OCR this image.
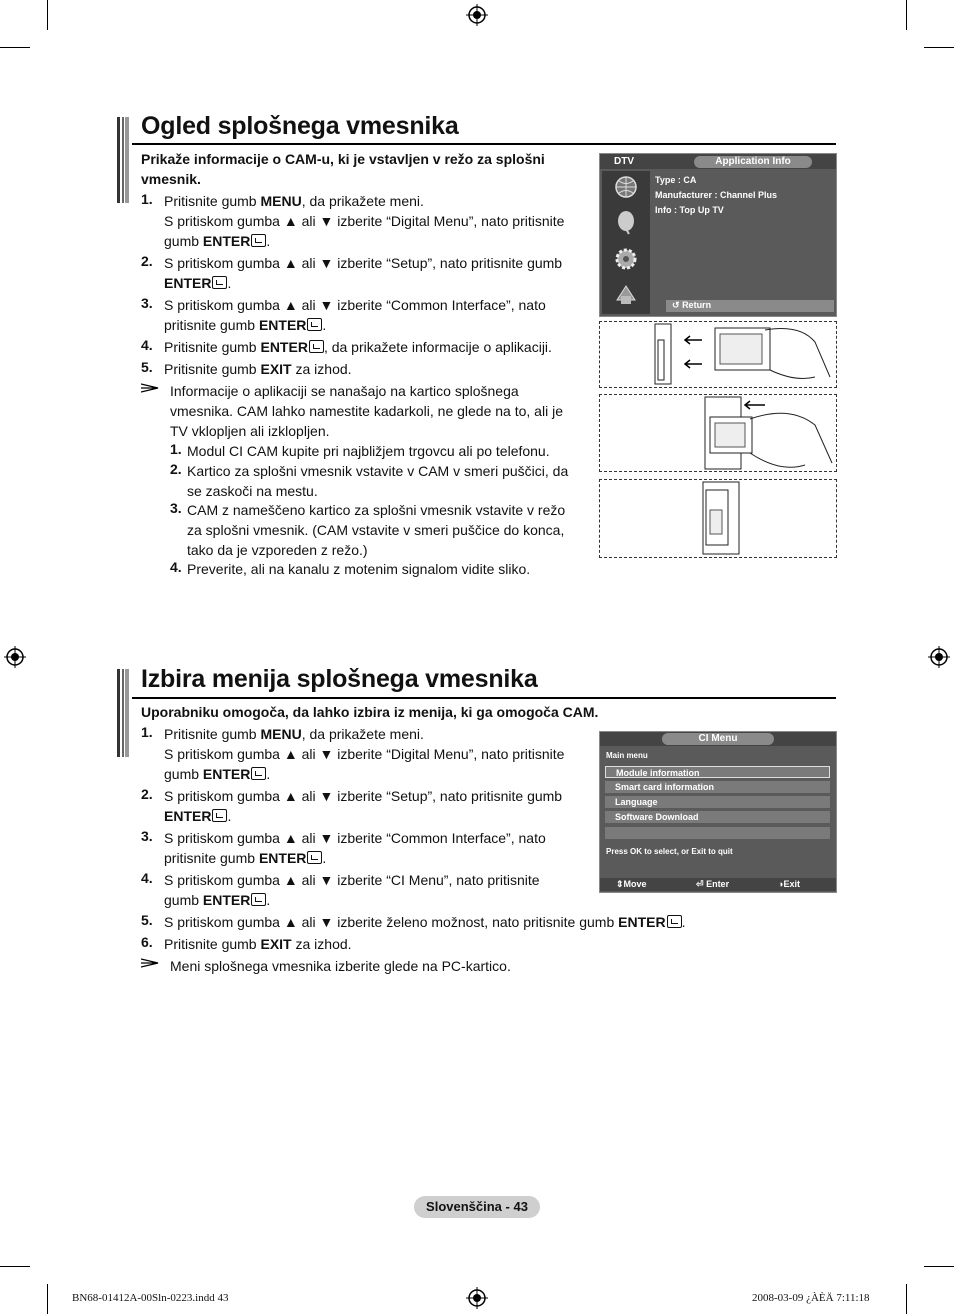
Ogled splošnega vmesnika
Prikaže informacije o CAM-u, ki je vstavljen v režo za splošni
vmesnik.
1. Pritisnite gumb MENU, da prikažete meni.
S pritiskom gumba ▲ ali ▼ izberite “Digital Menu”, nato pritisnite
gumb ENTER .
2. S pritiskom gumba ▲ ali ▼ izberite “Setup”, nato pritisnite gumb
ENTER .
3. S pritiskom gumba ▲ ali ▼ izberite “Common Interface”, nato
pritisnite gumb ENTER .
4. Pritisnite gumb ENTER , da prikažete informacije o aplikaciji.
5. Pritisnite gumb EXIT za izhod.
Informacije o aplikaciji se nanašajo na kartico splošnega
vmesnika. CAM lahko namestite kadarkoli, ne glede na to, ali je
TV vklopljen ali izklopljen.
1. Modul CI CAM kupite pri najbližjem trgovcu ali po telefonu.
2. Kartico za splošni vmesnik vstavite v CAM v smeri puščici, da
se zaskoči na mestu.
3. CAM z nameščeno kartico za splošni vmesnik vstavite v režo
za splošni vmesnik. (CAM vstavite v smeri puščice do konca,
tako da je vzporeden z režo.)
4. Preverite, ali na kanalu z motenim signalom vidite sliko.
DTV	Application Info
Type : CA
Manufacturer : Channel Plus
Info : Top Up TV
↺ Return
Izbira menija splošnega vmesnika
Uporabniku omogoča, da lahko izbira iz menija, ki ga omogoča CAM.
1. Pritisnite gumb MENU, da prikažete meni.
S pritiskom gumba ▲ ali ▼ izberite “Digital Menu”, nato pritisnite
gumb ENTER .
2. S pritiskom gumba ▲ ali ▼ izberite “Setup”, nato pritisnite gumb
ENTER .
3. S pritiskom gumba ▲ ali ▼ izberite “Common Interface”, nato
pritisnite gumb ENTER .
4. S pritiskom gumba ▲ ali ▼ izberite “CI Menu”, nato pritisnite
gumb ENTER .
5. S pritiskom gumba ▲ ali ▼ izberite želeno možnost, nato pritisnite gumb ENTER .
6. Pritisnite gumb EXIT za izhod.
Meni splošnega vmesnika izberite glede na PC-kartico.
CI Menu
Main menu
Module information
Smart card information
Language
Software Download
Press OK to select, or Exit to quit
⇕Move	⏎ Enter	◑Exit
Slovenščina - 43
BN68-01412A-00Sln-0223.indd 43	2008-03-09 ¿ÀÈÄ 7:11:18
